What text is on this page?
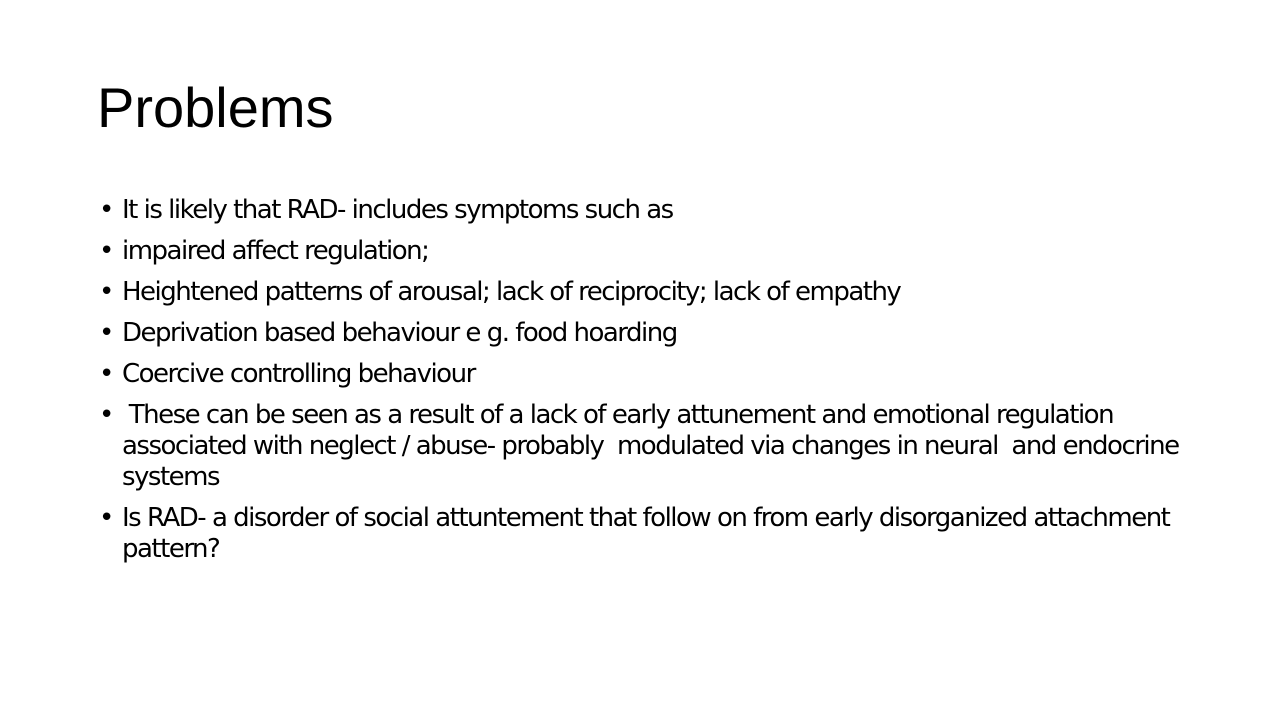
Problems
• It is likely that RAD- includes symptoms such as
• impaired affect regulation;
• Heightened patterns of arousal; lack of reciprocity; lack of empathy
• Deprivation based behaviour e g. food hoarding
• Coercive controlling behaviour
• These can be seen as a result of a lack of early attunement and emotional regulation associated with neglect / abuse- probably  modulated via changes in neural  and endocrine systems
• Is RAD- a disorder of social attuntement that follow on from early disorganized attachment pattern?
